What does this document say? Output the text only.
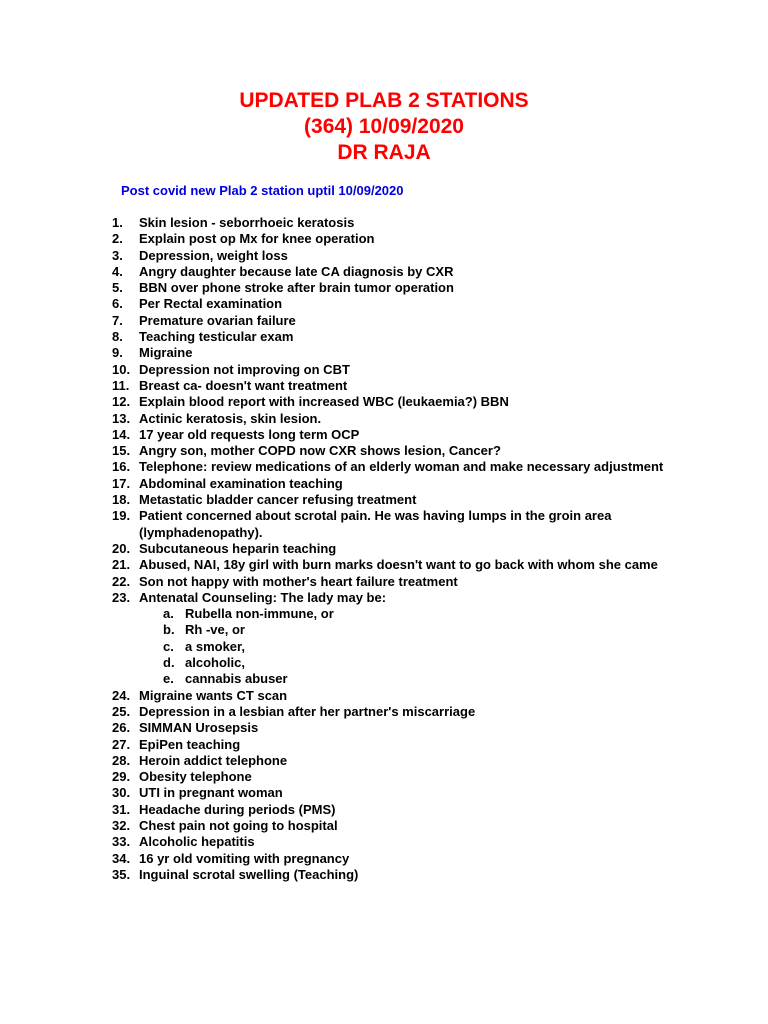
UPDATED PLAB 2 STATIONS
(364) 10/09/2020
DR RAJA
Post covid new Plab 2 station uptil 10/09/2020
1.	Skin lesion - seborrhoeic keratosis
2.	Explain post op Mx for knee operation
3.	Depression, weight loss
4.	Angry daughter because late CA diagnosis by CXR
5.	BBN over phone stroke after brain tumor operation
6.	Per Rectal examination
7.	Premature ovarian failure
8.	Teaching testicular exam
9.	Migraine
10. Depression not improving on CBT
11. Breast ca- doesn't want treatment
12. Explain blood report with increased WBC (leukaemia?) BBN
13. Actinic keratosis, skin lesion.
14. 17 year old requests long term OCP
15. Angry son, mother COPD now CXR shows lesion, Cancer?
16. Telephone: review medications of an elderly woman and make necessary adjustment
17. Abdominal examination teaching
18. Metastatic bladder cancer refusing treatment
19. Patient concerned about scrotal pain. He was having lumps in the groin area (lymphadenopathy).
20. Subcutaneous heparin teaching
21. Abused, NAI, 18y girl with burn marks doesn't want to go back with whom she came
22. Son not happy with mother's heart failure treatment
23. Antenatal Counseling: The lady may be:
a. Rubella non-immune, or
b. Rh -ve, or
c. a smoker,
d. alcoholic,
e. cannabis abuser
24. Migraine wants CT scan
25. Depression in a lesbian after her partner's miscarriage
26. SIMMAN Urosepsis
27. EpiPen teaching
28. Heroin addict telephone
29. Obesity telephone
30. UTI in pregnant woman
31. Headache during periods (PMS)
32. Chest pain not going to hospital
33. Alcoholic hepatitis
34. 16 yr old vomiting with pregnancy
35. Inguinal scrotal swelling (Teaching)
